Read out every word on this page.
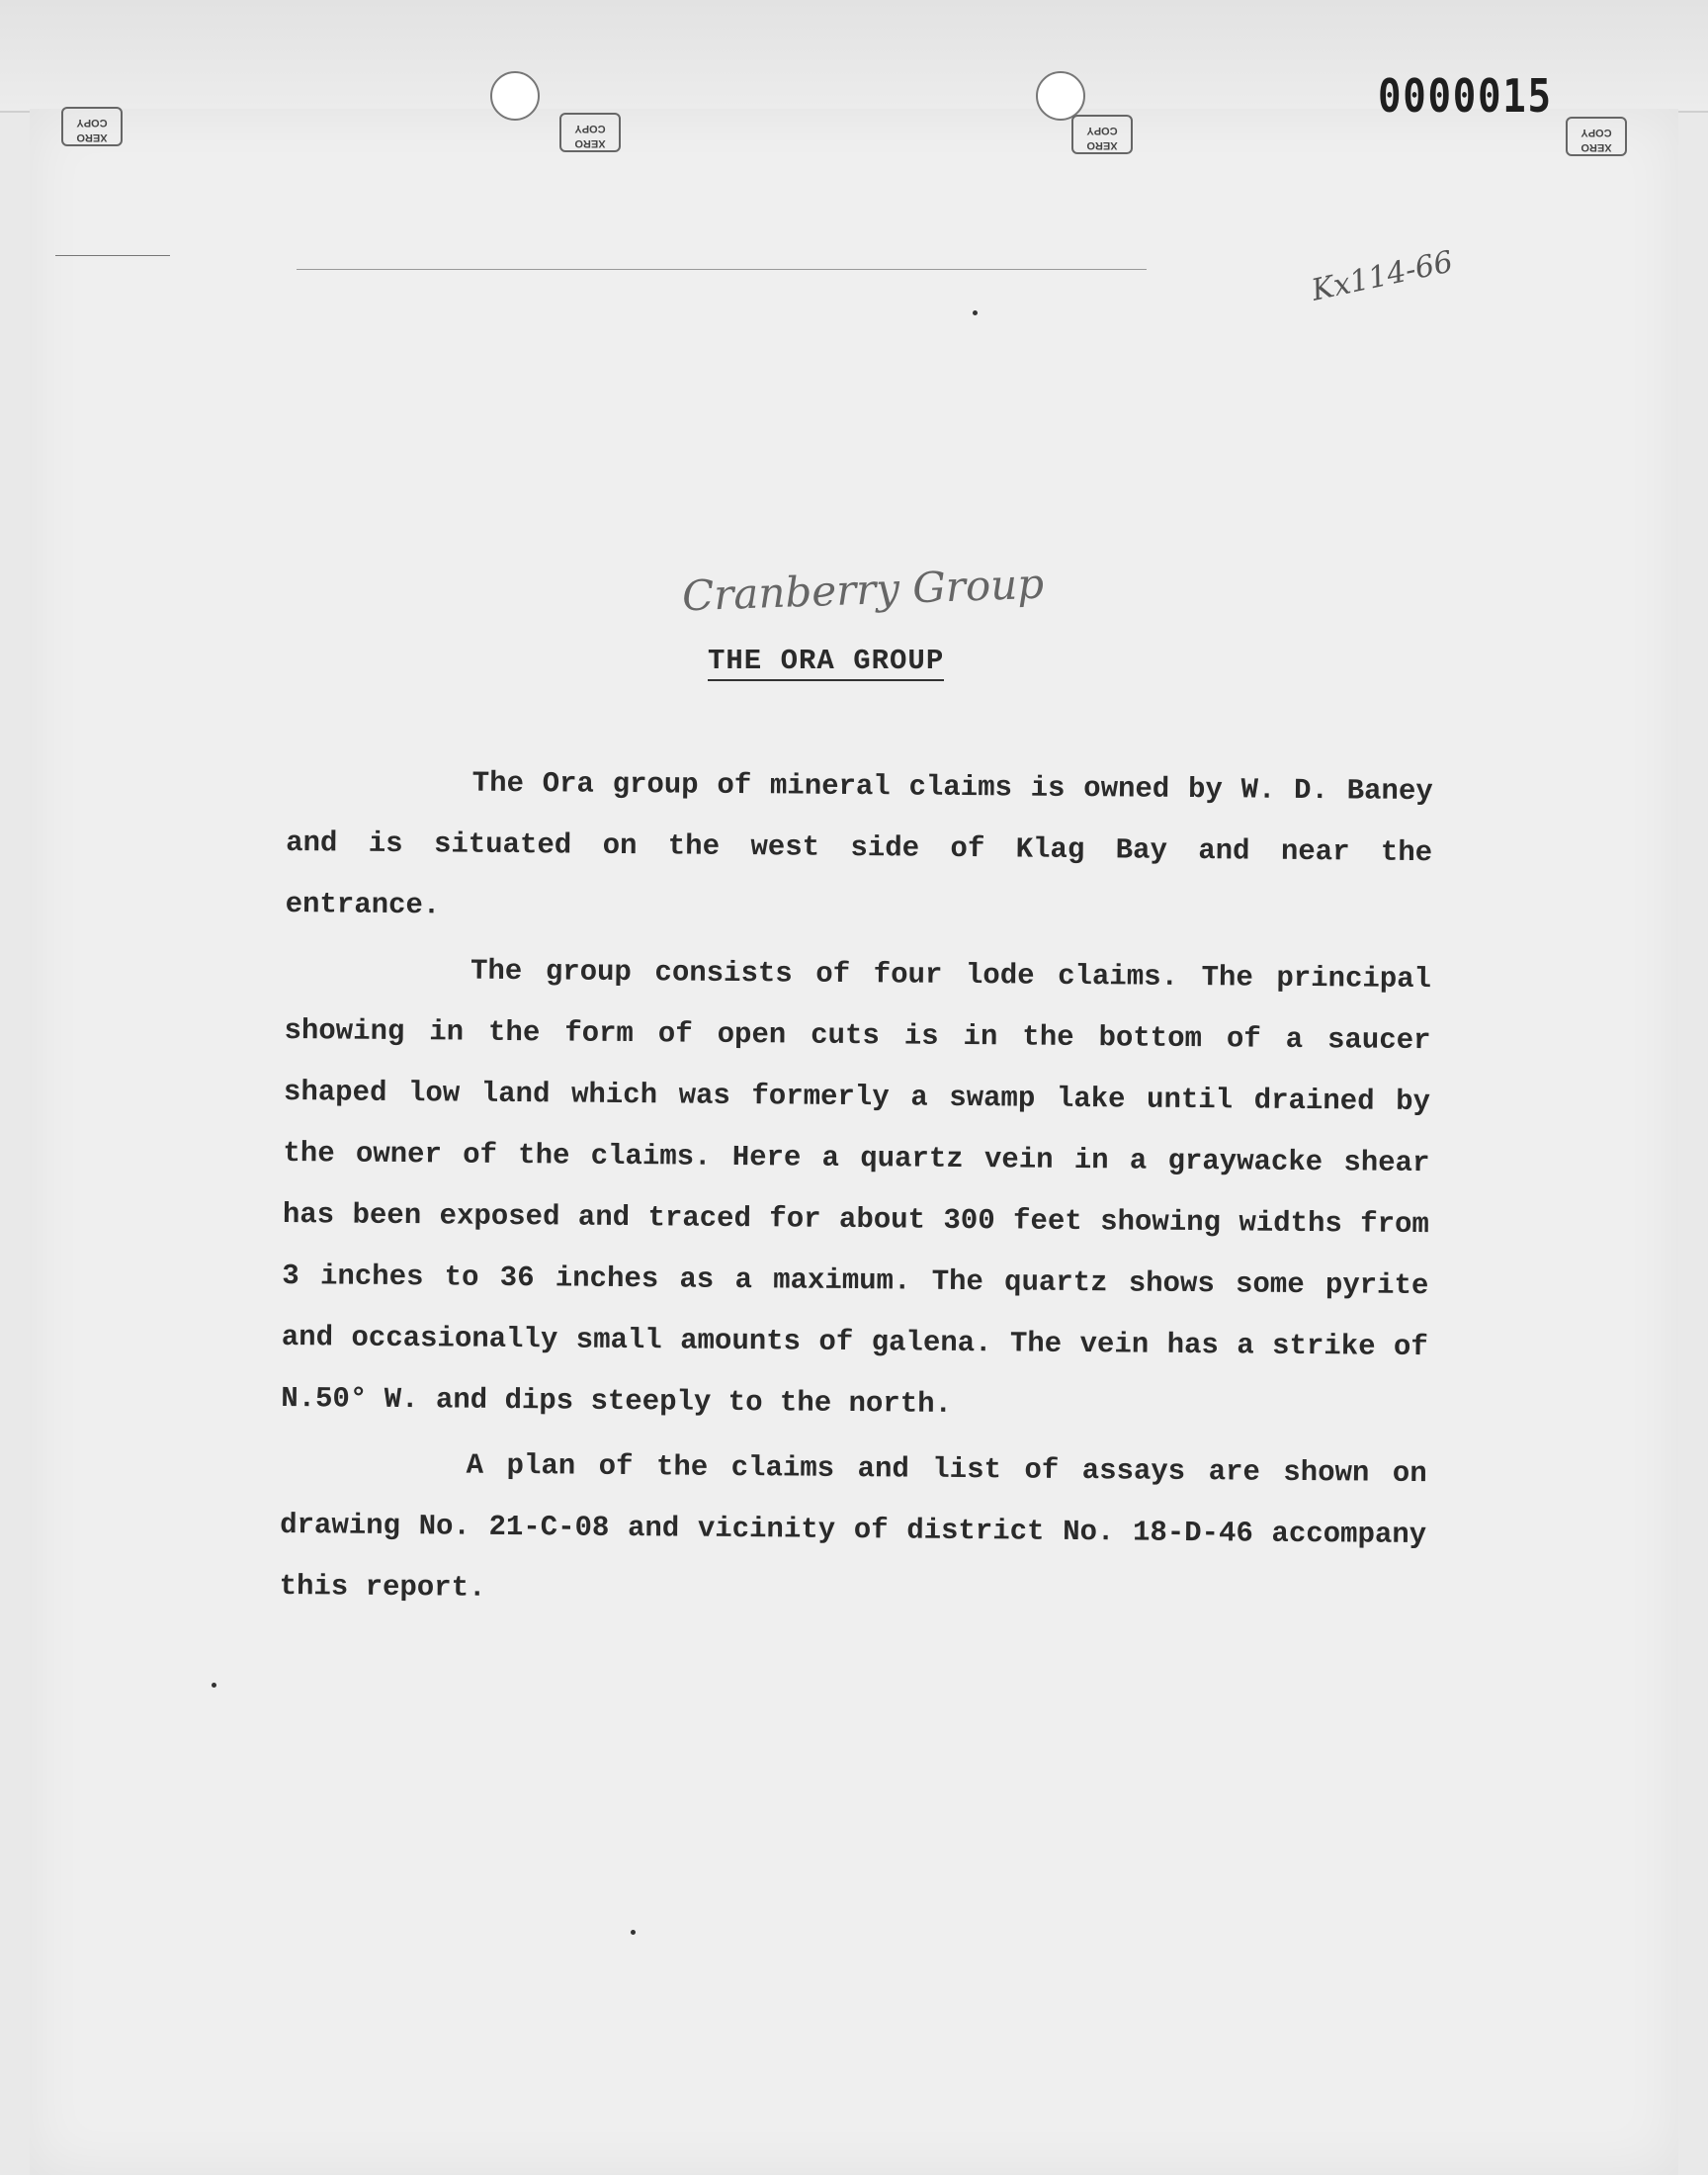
XERO
COPY
XERO
COPY
XERO
COPY
XERO
COPY
0000015
Kx114-66
Cranberry Group
THE ORA GROUP

The Ora group of mineral claims is owned by W. D. Baney and is situated on the west side of Klag Bay and near the entrance.

The group consists of four lode claims. The principal showing in the form of open cuts is in the bottom of a saucer shaped low land which was formerly a swamp lake until drained by the owner of the claims. Here a quartz vein in a graywacke shear has been exposed and traced for about 300 feet showing widths from 3 inches to 36 inches as a maximum. The quartz shows some pyrite and occasionally small amounts of galena. The vein has a strike of N.50° W. and dips steeply to the north.

A plan of the claims and list of assays are shown on drawing No. 21-C-08 and vicinity of district No. 18-D-46 accompany this report.
